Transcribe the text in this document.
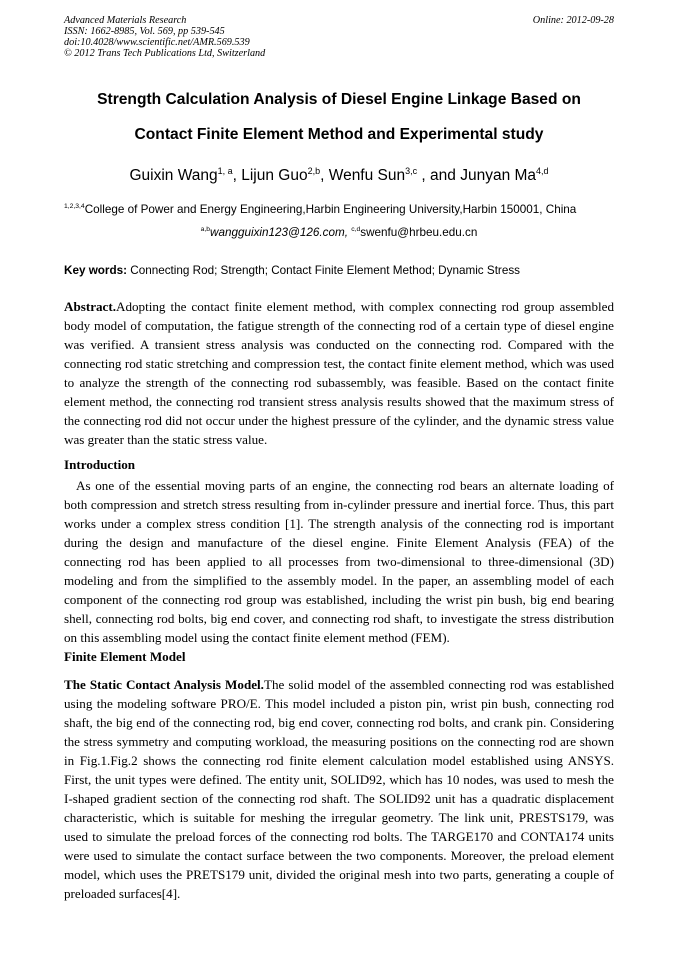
Advanced Materials Research
ISSN: 1662-8985, Vol. 569, pp 539-545
doi:10.4028/www.scientific.net/AMR.569.539
© 2012 Trans Tech Publications Ltd, Switzerland
Online: 2012-09-28
Strength Calculation Analysis of Diesel Engine Linkage Based on
Contact Finite Element Method and Experimental study
Guixin Wang$^{1, a}$, Lijun Guo$^{2,b}$, Wenfu Sun$^{3,c}$ , and Junyan Ma$^{4,d}$
$^{1,2,3,4}$College of Power and Energy Engineering,Harbin Engineering University,Harbin 150001, China
$^{a,b}$wangguixin123@126.com, $^{c,d}$swenfu@hrbeu.edu.cn
Key words: Connecting Rod; Strength; Contact Finite Element Method; Dynamic Stress
Abstract.Adopting the contact finite element method, with complex connecting rod group assembled body model of computation, the fatigue strength of the connecting rod of a certain type of diesel engine was verified. A transient stress analysis was conducted on the connecting rod. Compared with the connecting rod static stretching and compression test, the contact finite element method, which was used to analyze the strength of the connecting rod subassembly, was feasible. Based on the contact finite element method, the connecting rod transient stress analysis results showed that the maximum stress of the connecting rod did not occur under the highest pressure of the cylinder, and the dynamic stress value was greater than the static stress value.
Introduction
As one of the essential moving parts of an engine, the connecting rod bears an alternate loading of both compression and stretch stress resulting from in-cylinder pressure and inertial force. Thus, this part works under a complex stress condition [1]. The strength analysis of the connecting rod is important during the design and manufacture of the diesel engine. Finite Element Analysis (FEA) of the connecting rod has been applied to all processes from two-dimensional to three-dimensional (3D) modeling and from the simplified to the assembly model. In the paper, an assembling model of each component of the connecting rod group was established, including the wrist pin bush, big end bearing shell, connecting rod bolts, big end cover, and connecting rod shaft, to investigate the stress distribution on this assembling model using the contact finite element method (FEM).
Finite Element Model
The Static Contact Analysis Model.The solid model of the assembled connecting rod was established using the modeling software PRO/E. This model included a piston pin, wrist pin bush, connecting rod shaft, the big end of the connecting rod, big end cover, connecting rod bolts, and crank pin. Considering the stress symmetry and computing workload, the measuring positions on the connecting rod are shown in Fig.1.Fig.2 shows the connecting rod finite element calculation model established using ANSYS. First, the unit types were defined. The entity unit, SOLID92, which has 10 nodes, was used to mesh the I-shaped gradient section of the connecting rod shaft. The SOLID92 unit has a quadratic displacement characteristic, which is suitable for meshing the irregular geometry. The link unit, PRESTS179, was used to simulate the preload forces of the connecting rod bolts. The TARGE170 and CONTA174 units were used to simulate the contact surface between the two components. Moreover, the preload element model, which uses the PRETS179 unit, divided the original mesh into two parts, generating a couple of preloaded surfaces[4].
